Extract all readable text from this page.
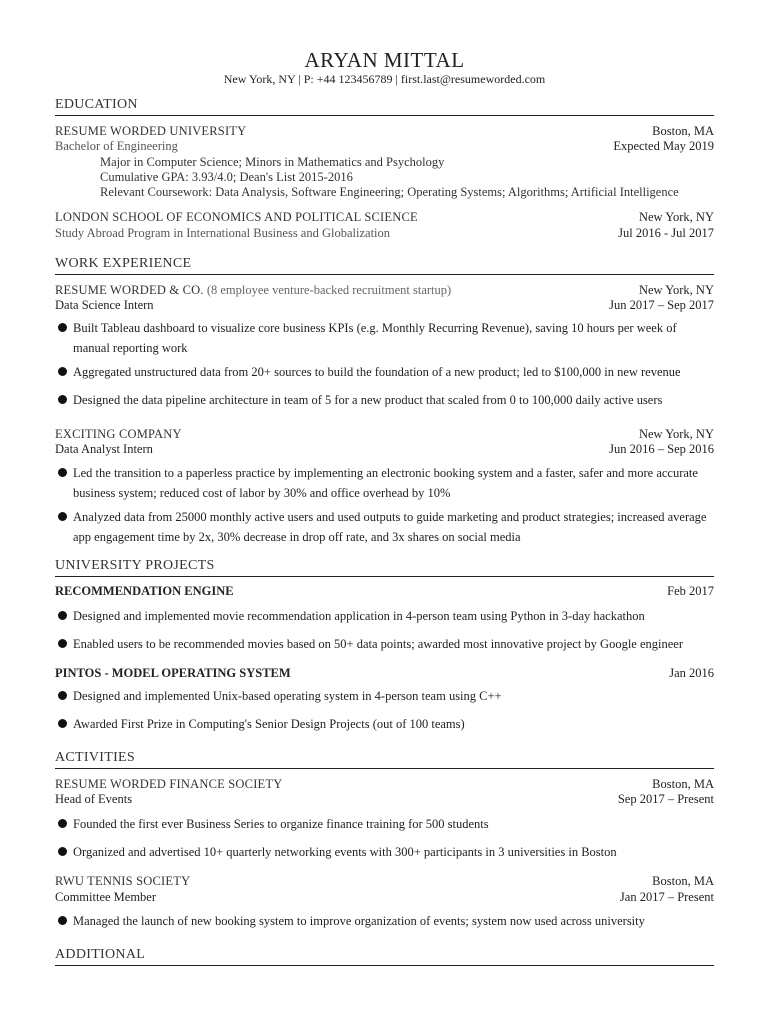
ARYAN MITTAL
New York, NY | P: +44 123456789 | first.last@resumeworded.com
EDUCATION
RESUME WORDED UNIVERSITY	Boston, MA
Bachelor of Engineering	Expected May 2019
Major in Computer Science; Minors in Mathematics and Psychology
Cumulative GPA: 3.93/4.0; Dean's List 2015-2016
Relevant Coursework: Data Analysis, Software Engineering; Operating Systems; Algorithms; Artificial Intelligence
LONDON SCHOOL OF ECONOMICS AND POLITICAL SCIENCE	New York, NY
Study Abroad Program in International Business and Globalization	Jul 2016 - Jul 2017
WORK EXPERIENCE
RESUME WORDED & CO. (8 employee venture-backed recruitment startup)	New York, NY
Data Science Intern	Jun 2017 – Sep 2017
Built Tableau dashboard to visualize core business KPIs (e.g. Monthly Recurring Revenue), saving 10 hours per week of manual reporting work
Aggregated unstructured data from 20+ sources to build the foundation of a new product; led to $100,000 in new revenue
Designed the data pipeline architecture in team of 5 for a new product that scaled from 0 to 100,000 daily active users
EXCITING COMPANY	New York, NY
Data Analyst Intern	Jun 2016 – Sep 2016
Led the transition to a paperless practice by implementing an electronic booking system and a faster, safer and more accurate business system; reduced cost of labor by 30% and office overhead by 10%
Analyzed data from 25000 monthly active users and used outputs to guide marketing and product strategies; increased average app engagement time by 2x, 30% decrease in drop off rate, and 3x shares on social media
UNIVERSITY PROJECTS
RECOMMENDATION ENGINE	Feb 2017
Designed and implemented movie recommendation application in 4-person team using Python in 3-day hackathon
Enabled users to be recommended movies based on 50+ data points; awarded most innovative project by Google engineer
PINTOS - MODEL OPERATING SYSTEM	Jan 2016
Designed and implemented Unix-based operating system in 4-person team using C++
Awarded First Prize in Computing's Senior Design Projects (out of 100 teams)
ACTIVITIES
RESUME WORDED FINANCE SOCIETY	Boston, MA
Head of Events	Sep 2017 – Present
Founded the first ever Business Series to organize finance training for 500 students
Organized and advertised 10+ quarterly networking events with 300+ participants in 3 universities in Boston
RWU TENNIS SOCIETY	Boston, MA
Committee Member	Jan 2017 – Present
Managed the launch of new booking system to improve organization of events; system now used across university
ADDITIONAL
